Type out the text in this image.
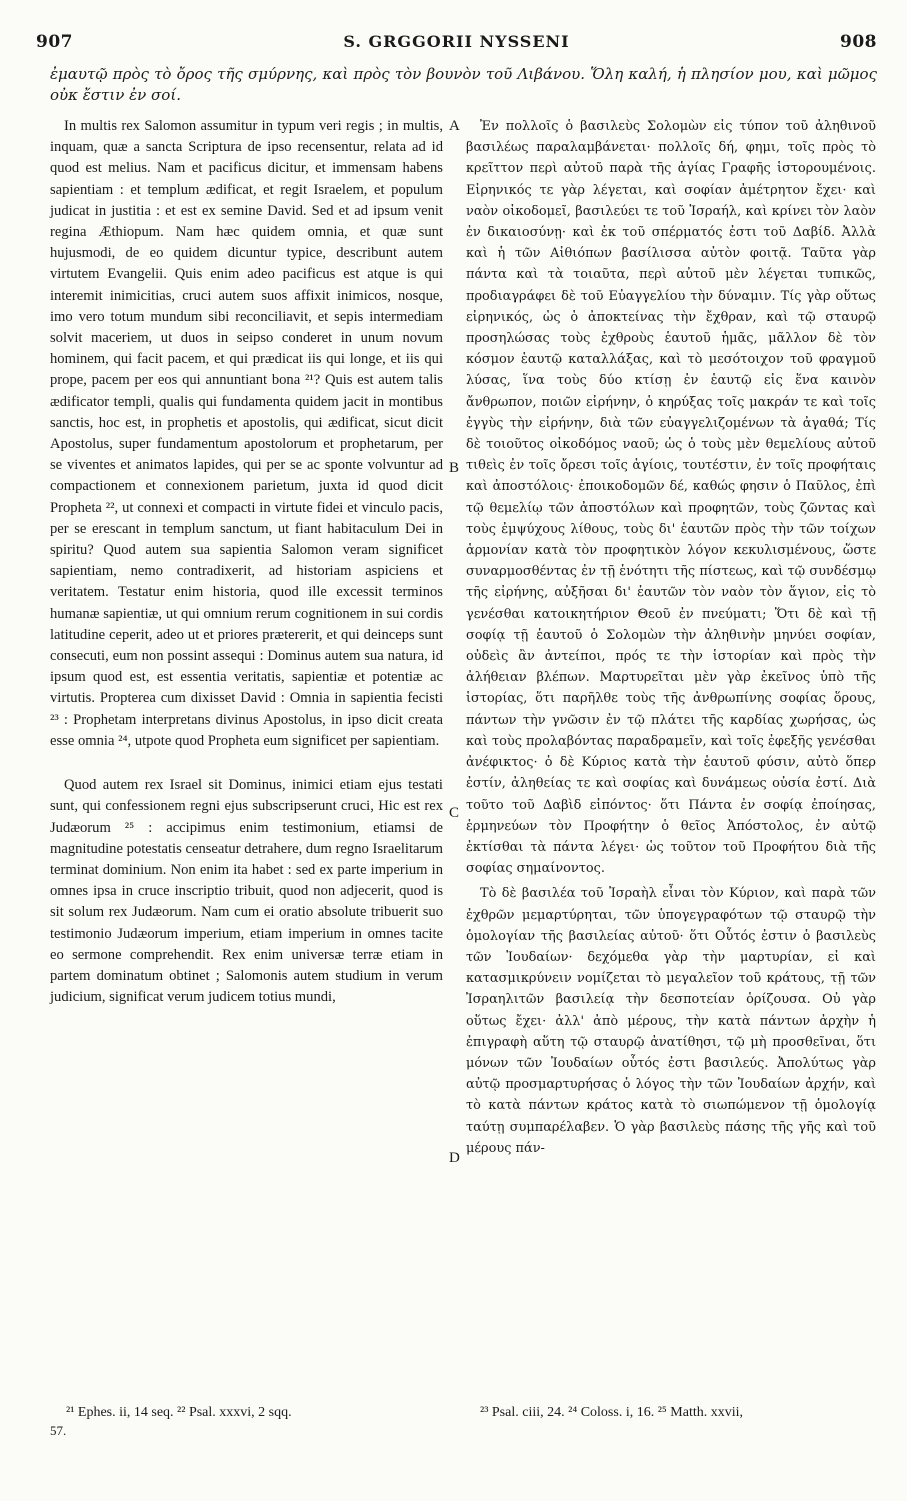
907	S. GRGGORII NYSSENI	908

ἐμαυτῷ πρὸς τὸ ὄρος τῆς σμύρνης, καὶ πρὸς τὸν βουνὸν τοῦ Λιβάνου. Ὅλη καλή, ἡ πλησίον μου, καὶ μῶμος οὐκ ἔστιν ἐν σοί.

In multis rex Salomon assumitur in typum veri regis ; in multis, inquam, quæ a sancta Scriptura de ipso recensentur, relata ad id quod est melius. Nam et pacificus dicitur, et immensam habens sapientiam : et templum ædificat, et regit Israelem, et populum judicat in justitia : et est ex semine David. Sed et ad ipsum venit regina Æthiopum. Nam hæc quidem omnia, et quæ sunt hujusmodi, de eo quidem dicuntur typice, describunt autem virtutem Evangelii. Quis enim adeo pacificus est atque is qui interemit inimicitias, cruci autem suos affixit inimicos, nosque, imo vero totum mundum sibi reconciliavit, et sepis intermediam solvit maceriem, ut duos in seipso conderet in unum novum hominem, qui facit pacem, et qui prædicat iis qui longe, et iis qui prope, pacem per eos qui annuntiant bona ²¹? Quis est autem talis ædificator templi, qualis qui fundamenta quidem jacit in montibus sanctis, hoc est, in prophetis et apostolis, qui ædificat, sicut dicit Apostolus, super fundamentum apostolorum et prophetarum, per se viventes et animatos lapides, qui per se ac sponte volvuntur ad compactionem et connexionem parietum, juxta id quod dicit Propheta ²², ut connexi et compacti in virtute fidei et vinculo pacis, per se erescant in templum sanctum, ut fiant habitaculum Dei in spiritu? Quod autem sua sapientia Salomon veram significet sapientiam, nemo contradixerit, ad historiam aspiciens et veritatem. Testatur enim historia, quod ille excessit terminos humanæ sapientiæ, ut qui omnium rerum cognitionem in sui cordis latitudine ceperit, adeo ut et priores prætererit, et qui deinceps sunt consecuti, eum non possint assequi : Dominus autem sua natura, id ipsum quod est, est essentia veritatis, sapientiæ et potentiæ ac virtutis. Propterea cum dixisset David : Omnia in sapientia fecisti ²³ : Prophetam interpretans divinus Apostolus, in ipso dicit creata esse omnia ²⁴, utpote quod Propheta eum significet per sapientiam.

Quod autem rex Israel sit Dominus, inimici etiam ejus testati sunt, qui confessionem regni ejus subscripserunt cruci, Hic est rex Judæorum ²⁵ : accipimus enim testimonium, etiamsi de magnitudine potestatis censeatur detrahere, dum regno Israelitarum terminat dominium. Non enim ita habet : sed ex parte imperium in omnes ipsa in cruce inscriptio tribuit, quod non adjecerit, quod is sit solum rex Judæorum. Nam cum ei oratio absolute tribuerit suo testimonio Judæorum imperium, etiam imperium in omnes tacite eo sermone comprehendit. Rex enim universæ terræ etiam in partem dominatum obtinet ; Salomonis autem studium in verum judicium, significat verum judicem totius mundi,

A
B
C
D

Ἐν πολλοῖς ὁ βασιλεὺς Σολομὼν εἰς τύπον τοῦ ἀληθινοῦ βασιλέως παραλαμβάνεται· πολλοῖς δή, φημι, τοῖς πρὸς τὸ κρεῖττον περὶ αὐτοῦ παρὰ τῆς ἁγίας Γραφῆς ἱστορουμένοις. Εἰρηνικός τε γὰρ λέγεται, καὶ σοφίαν ἀμέτρητον ἔχει· καὶ ναὸν οἰκοδομεῖ, βασιλεύει τε τοῦ Ἰσραήλ, καὶ κρίνει τὸν λαὸν ἐν δικαιοσύνῃ· καὶ ἐκ τοῦ σπέρματός ἐστι τοῦ Δαβίδ. Ἀλλὰ καὶ ἡ τῶν Αἰθιόπων βασίλισσα αὐτὸν φοιτᾷ. Ταῦτα γὰρ πάντα καὶ τὰ τοιαῦτα, περὶ αὐτοῦ μὲν λέγεται τυπικῶς, προδιαγράφει δὲ τοῦ Εὐαγγελίου τὴν δύναμιν. Τίς γὰρ οὕτως εἰρηνικός, ὡς ὁ ἀποκτείνας τὴν ἔχθραν, καὶ τῷ σταυρῷ προσηλώσας τοὺς ἐχθροὺς ἑαυτοῦ ἡμᾶς, μᾶλλον δὲ τὸν κόσμον ἑαυτῷ καταλλάξας, καὶ τὸ μεσότοιχον τοῦ φραγμοῦ λύσας, ἵνα τοὺς δύο κτίσῃ ἐν ἑαυτῷ εἰς ἕνα καινὸν ἄνθρωπον, ποιῶν εἰρήνην, ὁ κηρύξας τοῖς μακράν τε καὶ τοῖς ἐγγὺς τὴν εἰρήνην, διὰ τῶν εὐαγγελιζομένων τὰ ἀγαθά; Τίς δὲ τοιοῦτος οἰκοδόμος ναοῦ; ὡς ὁ τοὺς μὲν θεμελίους αὐτοῦ τιθεὶς ἐν τοῖς ὄρεσι τοῖς ἁγίοις, τουτέστιν, ἐν τοῖς προφήταις καὶ ἀποστόλοις· ἐποικοδομῶν δέ, καθώς φησιν ὁ Παῦλος, ἐπὶ τῷ θεμελίῳ τῶν ἀποστόλων καὶ προφητῶν, τοὺς ζῶντας καὶ τοὺς ἐμψύχους λίθους, τοὺς δι' ἑαυτῶν πρὸς τὴν τῶν τοίχων ἁρμονίαν κατὰ τὸν προφητικὸν λόγον κεκυλισμένους, ὥστε συναρμοσθέντας ἐν τῇ ἑνότητι τῆς πίστεως, καὶ τῷ συνδέσμῳ τῆς εἰρήνης, αὐξῆσαι δι' ἑαυτῶν τὸν ναὸν τὸν ἅγιον, εἰς τὸ γενέσθαι κατοικητήριον Θεοῦ ἐν πνεύματι; Ὅτι δὲ καὶ τῇ σοφίᾳ τῇ ἑαυτοῦ ὁ Σολομὼν τὴν ἀληθινὴν μηνύει σοφίαν, οὐδεὶς ἂν ἀντείποι, πρός τε τὴν ἱστορίαν καὶ πρὸς τὴν ἀλήθειαν βλέπων. Μαρτυρεῖται μὲν γὰρ ἐκεῖνος ὑπὸ τῆς ἱστορίας, ὅτι παρῆλθε τοὺς τῆς ἀνθρωπίνης σοφίας ὅρους, πάντων τὴν γνῶσιν ἐν τῷ πλάτει τῆς καρδίας χωρήσας, ὡς καὶ τοὺς προλαβόντας παραδραμεῖν, καὶ τοῖς ἐφεξῆς γενέσθαι ἀνέφικτος· ὁ δὲ Κύριος κατὰ τὴν ἑαυτοῦ φύσιν, αὐτὸ ὅπερ ἐστίν, ἀληθείας τε καὶ σοφίας καὶ δυνάμεως οὐσία ἐστί. Διὰ τοῦτο τοῦ Δαβὶδ εἰπόντος· ὅτι Πάντα ἐν σοφίᾳ ἐποίησας, ἑρμηνεύων τὸν Προφήτην ὁ θεῖος Ἀπόστολος, ἐν αὐτῷ ἐκτίσθαι τὰ πάντα λέγει· ὡς τοῦτον τοῦ Προφήτου διὰ τῆς σοφίας σημαίνοντος.

Τὸ δὲ βασιλέα τοῦ Ἰσραὴλ εἶναι τὸν Κύριον, καὶ παρὰ τῶν ἐχθρῶν μεμαρτύρηται, τῶν ὑπογεγραφότων τῷ σταυρῷ τὴν ὁμολογίαν τῆς βασιλείας αὐτοῦ· ὅτι Οὗτός ἐστιν ὁ βασιλεὺς τῶν Ἰουδαίων· δεχόμεθα γὰρ τὴν μαρτυρίαν, εἰ καὶ κατασμικρύνειν νομίζεται τὸ μεγαλεῖον τοῦ κράτους, τῇ τῶν Ἰσραηλιτῶν βασιλείᾳ τὴν δεσποτείαν ὁρίζουσα. Οὐ γὰρ οὕτως ἔχει· ἀλλ' ἀπὸ μέρους, τὴν κατὰ πάντων ἀρχὴν ἡ ἐπιγραφὴ αὕτη τῷ σταυρῷ ἀνατίθησι, τῷ μὴ προσθεῖναι, ὅτι μόνων τῶν Ἰουδαίων οὗτός ἐστι βασιλεύς. Ἀπολύτως γὰρ αὐτῷ προσμαρτυρήσας ὁ λόγος τὴν τῶν Ἰουδαίων ἀρχήν, καὶ τὸ κατὰ πάντων κράτος κατὰ τὸ σιωπώμενον τῇ ὁμολογίᾳ ταύτῃ συμπαρέλαβεν. Ὁ γὰρ βασιλεὺς πάσης τῆς γῆς καὶ τοῦ μέρους πάν-

²¹ Ephes. ii, 14 seq. ²² Psal. xxxvi, 2 sqq.	²³ Psal. ciii, 24. ²⁴ Coloss. i, 16. ²⁵ Matth. xxvii,
57.
